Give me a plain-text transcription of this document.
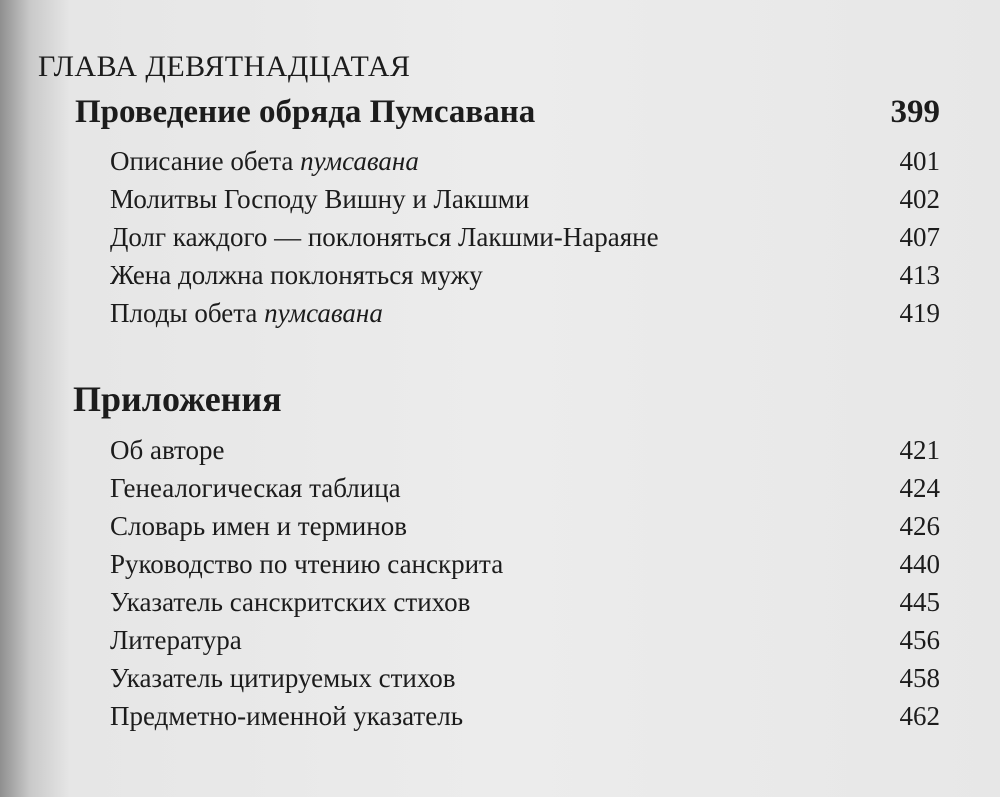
ГЛАВА ДЕВЯТНАДЦАТАЯ
Проведение обряда Пумсавана	399
Описание обета пумсавана	401
Молитвы Господу Вишну и Лакшми	402
Долг каждого — поклоняться Лакшми-Нараяне	407
Жена должна поклоняться мужу	413
Плоды обета пумсавана	419
Приложения
Об авторе	421
Генеалогическая таблица	424
Словарь имен и терминов	426
Руководство по чтению санскрита	440
Указатель санскритских стихов	445
Литература	456
Указатель цитируемых стихов	458
Предметно-именной указатель	462
